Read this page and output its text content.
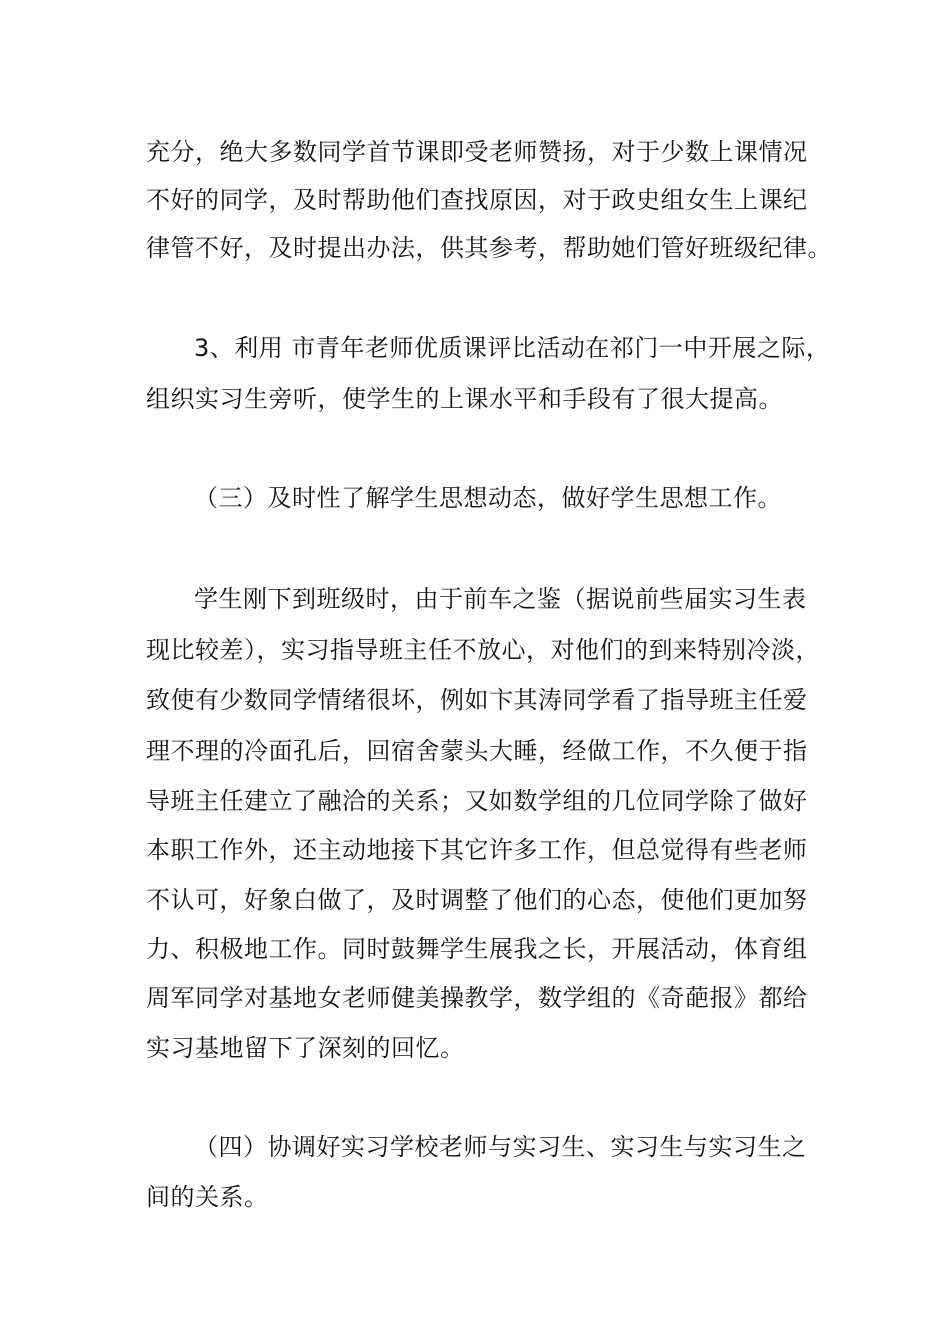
充分，绝大多数同学首节课即受老师赞扬，对于少数上课情况
不好的同学，及时帮助他们查找原因，对于政史组女生上课纪
律管不好，及时提出办法，供其参考，帮助她们管好班级纪律。
3、利用 市青年老师优质课评比活动在祁门一中开展之际，
组织实习生旁听，使学生的上课水平和手段有了很大提高。
（三）及时性了解学生思想动态，做好学生思想工作。
学生刚下到班级时，由于前车之鉴（据说前些届实习生表
现比较差），实习指导班主任不放心，对他们的到来特别冷淡，
致使有少数同学情绪很坏，例如卞其涛同学看了指导班主任爱
理不理的冷面孔后，回宿舍蒙头大睡，经做工作，不久便于指
导班主任建立了融洽的关系；又如数学组的几位同学除了做好
本职工作外，还主动地接下其它许多工作，但总觉得有些老师
不认可，好象白做了，及时调整了他们的心态，使他们更加努
力、积极地工作。同时鼓舞学生展我之长，开展活动，体育组
周军同学对基地女老师健美操教学，数学组的《奇葩报》都给
实习基地留下了深刻的回忆。
（四）协调好实习学校老师与实习生、实习生与实习生之
间的关系。
